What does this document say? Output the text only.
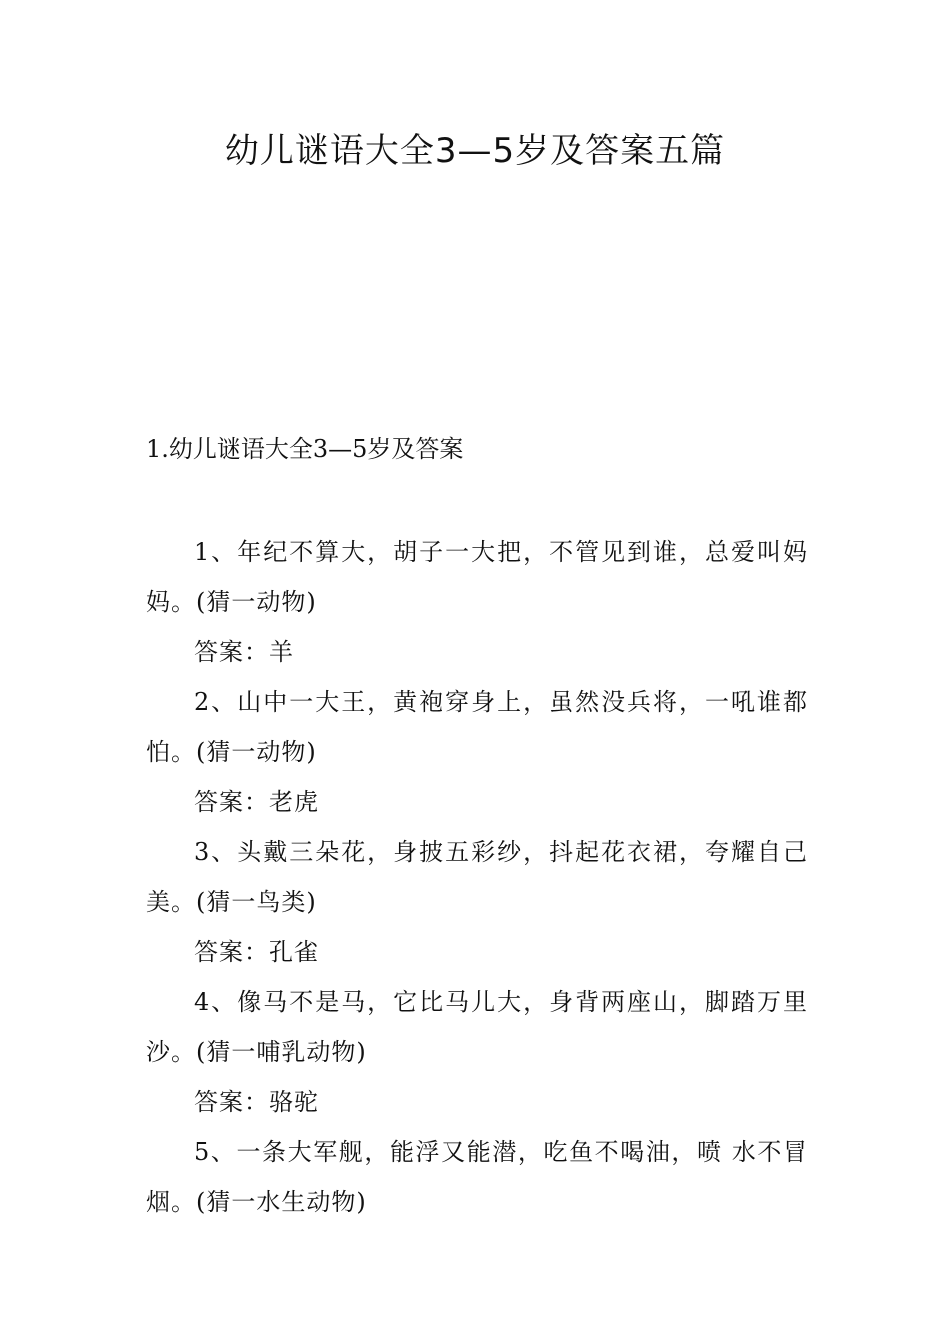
幼儿谜语大全3—5岁及答案五篇
1.幼儿谜语大全3—5岁及答案

1、年纪不算大，胡子一大把，不管见到谁，总爱叫妈妈。(猜一动物)

答案：羊

2、山中一大王，黄袍穿身上，虽然没兵将，一吼谁都怕。(猜一动物)

答案：老虎

3、头戴三朵花，身披五彩纱，抖起花衣裙，夸耀自己美。(猜一鸟类)

答案：孔雀

4、像马不是马，它比马儿大，身背两座山，脚踏万里沙。(猜一哺乳动物)

答案：骆驼

5、一条大军舰，能浮又能潜，吃鱼不喝油，喷 水不冒烟。(猜一水生动物)
